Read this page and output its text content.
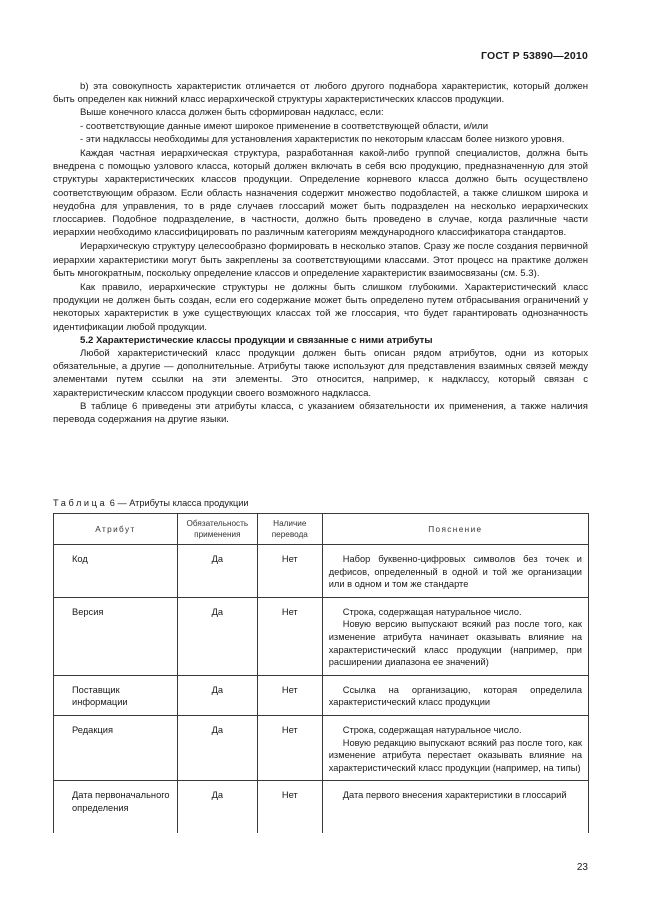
ГОСТ Р 53890—2010

b) эта совокупность характеристик отличается от любого другого поднабора характеристик, который должен быть определен как нижний класс иерархической структуры характеристических классов продукции.

Выше конечного класса должен быть сформирован надкласс, если:

- соответствующие данные имеют широкое применение в соответствующей области, и/или

- эти надклассы необходимы для установления характеристик по некоторым классам более низкого уровня.

Каждая частная иерархическая структура, разработанная какой-либо группой специалистов, должна быть внедрена с помощью узлового класса, который должен включать в себя всю продукцию, предназначенную для этой структуры характеристических классов продукции. Определение корневого класса должно быть осуществлено соответствующим образом. Если область назначения содержит множество подобластей, а также слишком широка и неудобна для управления, то в ряде случаев глоссарий может быть подразделен на несколько иерархических глоссариев. Подобное подразделение, в частности, должно быть проведено в случае, когда различные части иерархии необходимо классифицировать по различным категориям международного классификатора стандартов.

Иерархическую структуру целесообразно формировать в несколько этапов. Сразу же после создания первичной иерархии характеристики могут быть закреплены за соответствующими классами. Этот процесс на практике должен быть многократным, поскольку определение классов и определение характеристик взаимосвязаны (см. 5.3).

Как правило, иерархические структуры не должны быть слишком глубокими. Характеристический класс продукции не должен быть создан, если его содержание может быть определено путем отбрасывания ограничений у некоторых характеристик в уже существующих классах той же глоссария, что будет гарантировать однозначность идентификации любой продукции.

5.2 Характеристические классы продукции и связанные с ними атрибуты

Любой характеристический класс продукции должен быть описан рядом атрибутов, одни из которых обязательные, а другие — дополнительные. Атрибуты также используют для представления взаимных связей между элементами путем ссылки на эти элементы. Это относится, например, к надклассу, который связан с характеристическим классом продукции своего возможного надкласса.

В таблице 6 приведены эти атрибуты класса, с указанием обязательности их применения, а также наличия перевода содержания на другие языки.

Таблица 6 — Атрибуты класса продукции
Атрибут	Обязательность применения	Наличие перевода	Пояснение
Код	Да	Нет	Набор буквенно-цифровых символов без точек и дефисов, определенный в одной и той же организации или в одном и том же стандарте

Версия	Да	Нет	Строка, содержащая натуральное число.

Новую версию выпускают всякий раз после того, как изменение атрибута начинает оказывать влияние на характеристический класс продукции (например, при расширении диапазона ее значений)

Поставщик информации	Да	Нет	Ссылка на организацию, которая определила характеристический класс продукции

Редакция	Да	Нет	Строка, содержащая натуральное число.

Новую редакцию выпускают всякий раз после того, как изменение атрибута перестает оказывать влияние на характеристический класс продукции (например, на типы)

Дата первоначального определения	Да	Нет	Дата первого внесения характеристики в глоссарий

23
